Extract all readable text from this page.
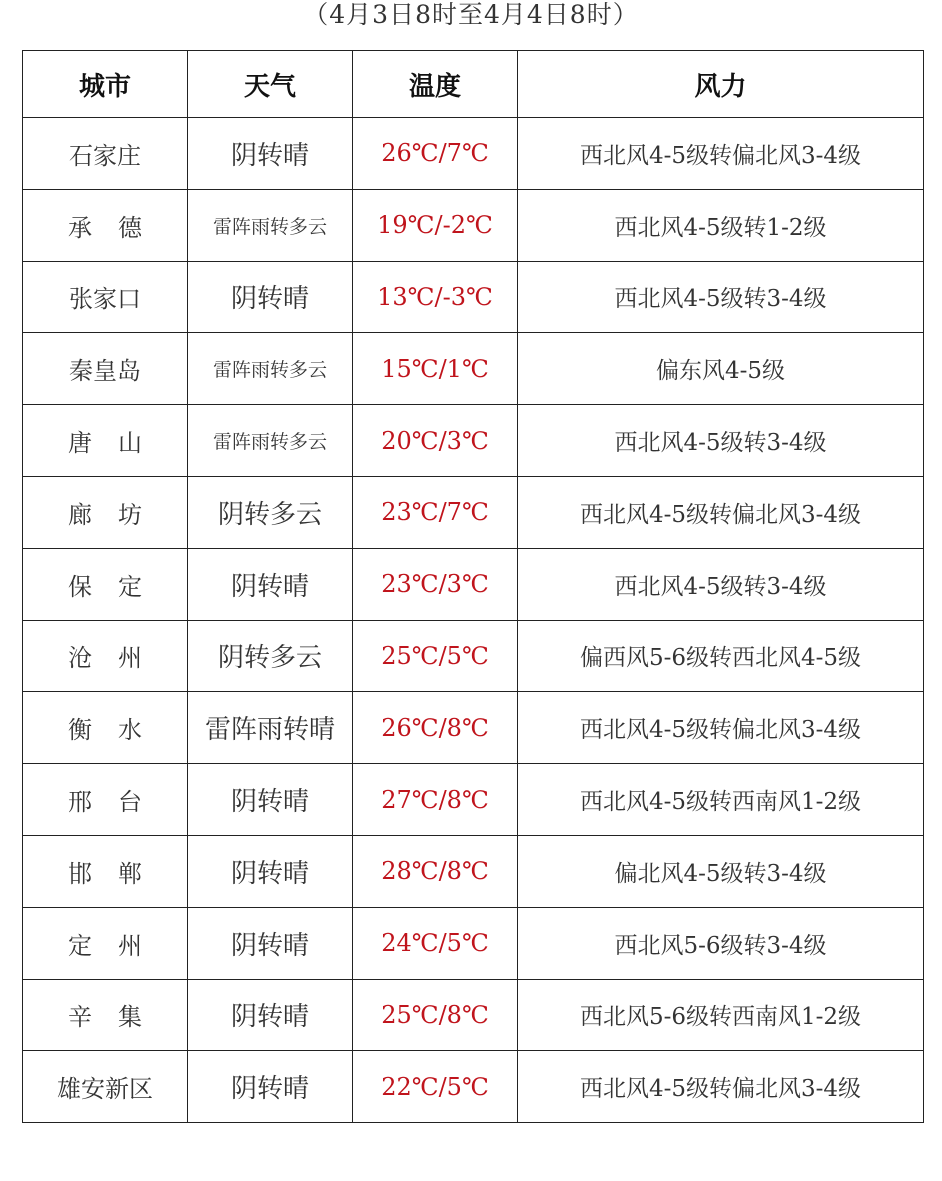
（4月3日8时至4月4日8时）
城市	天气	温度	风力
石家庄	阴转晴	26℃/7℃	西北风4-5级转偏北风3-4级
承德	雷阵雨转多云	19℃/-2℃	西北风4-5级转1-2级
张家口	阴转晴	13℃/-3℃	西北风4-5级转3-4级
秦皇岛	雷阵雨转多云	15℃/1℃	偏东风4-5级
唐山	雷阵雨转多云	20℃/3℃	西北风4-5级转3-4级
廊坊	阴转多云	23℃/7℃	西北风4-5级转偏北风3-4级
保定	阴转晴	23℃/3℃	西北风4-5级转3-4级
沧州	阴转多云	25℃/5℃	偏西风5-6级转西北风4-5级
衡水	雷阵雨转晴	26℃/8℃	西北风4-5级转偏北风3-4级
邢台	阴转晴	27℃/8℃	西北风4-5级转西南风1-2级
邯郸	阴转晴	28℃/8℃	偏北风4-5级转3-4级
定州	阴转晴	24℃/5℃	西北风5-6级转3-4级
辛集	阴转晴	25℃/8℃	西北风5-6级转西南风1-2级
雄安新区	阴转晴	22℃/5℃	西北风4-5级转偏北风3-4级
